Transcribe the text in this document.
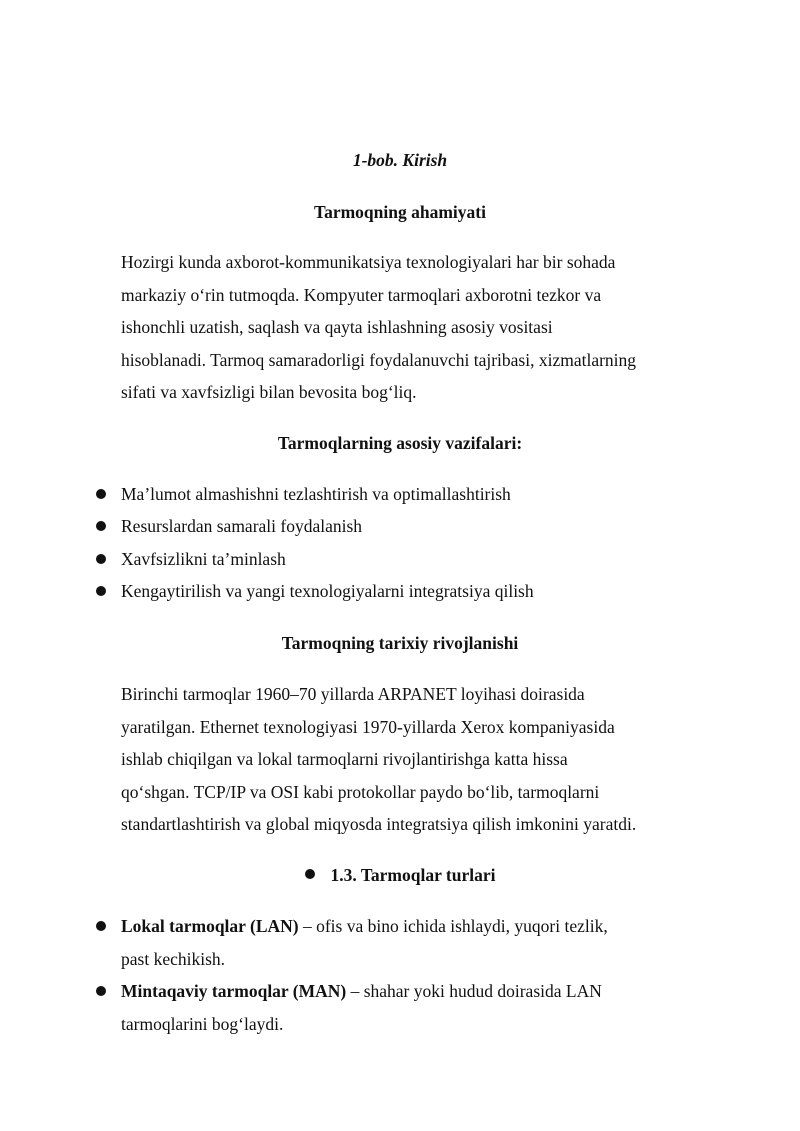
1-bob. Kirish
Tarmoqning ahamiyati
Hozirgi kunda axborot-kommunikatsiya texnologiyalari har bir sohada
markaziy o‘rin tutmoqda. Kompyuter tarmoqlari axborotni tezkor va
ishonchli uzatish, saqlash va qayta ishlashning asosiy vositasi
hisoblanadi. Tarmoq samaradorligi foydalanuvchi tajribasi, xizmatlarning
sifati va xavfsizligi bilan bevosita bog‘liq.
Tarmoqlarning asosiy vazifalari:
Ma’lumot almashishni tezlashtirish va optimallashtirish
Resurslardan samarali foydalanish
Xavfsizlikni ta’minlash
Kengaytirilish va yangi texnologiyalarni integratsiya qilish
Tarmoqning tarixiy rivojlanishi
Birinchi tarmoqlar 1960–70 yillarda ARPANET loyihasi doirasida
yaratilgan. Ethernet texnologiyasi 1970-yillarda Xerox kompaniyasida
ishlab chiqilgan va lokal tarmoqlarni rivojlantirishga katta hissa
qo‘shgan. TCP/IP va OSI kabi protokollar paydo bo‘lib, tarmoqlarni
standartlashtirish va global miqyosda integratsiya qilish imkonini yaratdi.
1.3. Tarmoqlar turlari
Lokal tarmoqlar (LAN) – ofis va bino ichida ishlaydi, yuqori tezlik,
past kechikish.
Mintaqaviy tarmoqlar (MAN) – shahar yoki hudud doirasida LAN
tarmoqlarini bog‘laydi.
